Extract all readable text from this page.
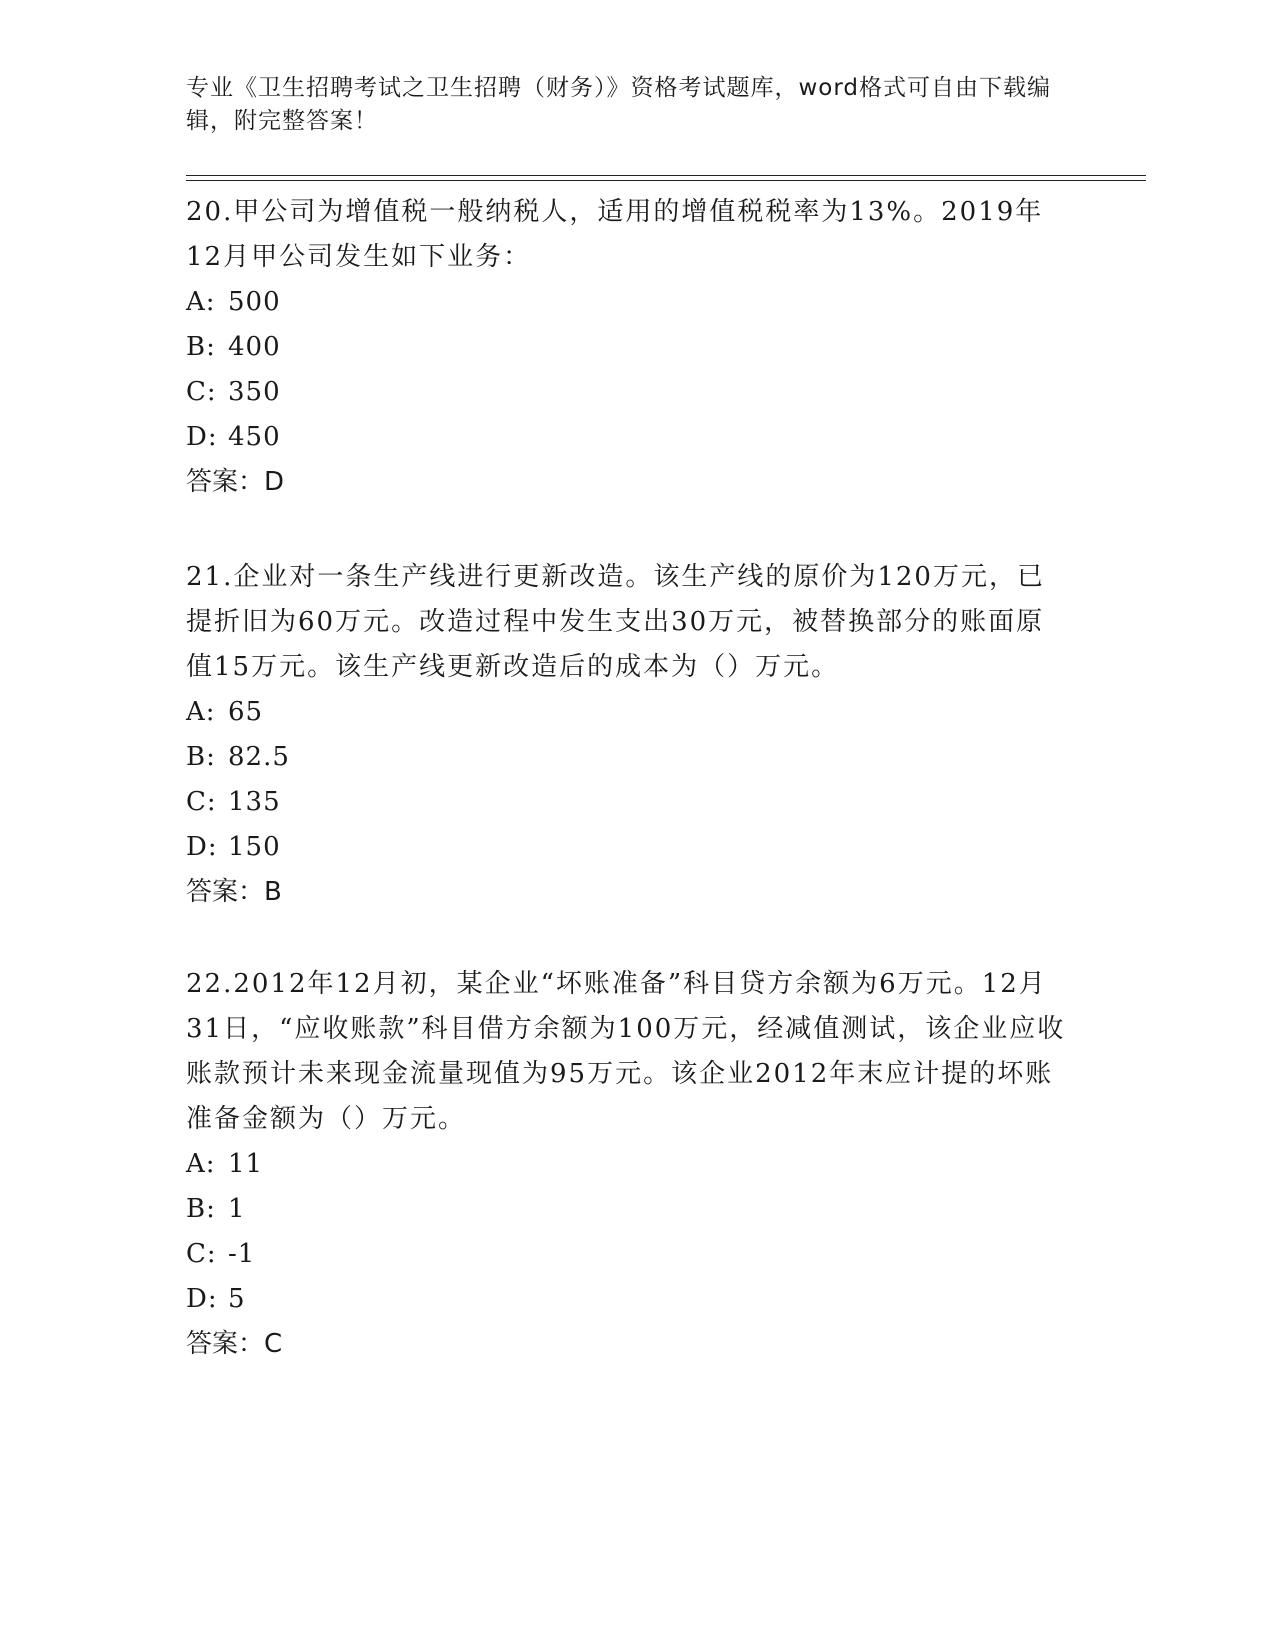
专业《卫生招聘考试之卫生招聘（财务）》资格考试题库，word格式可自由下载编辑，附完整答案！

20.甲公司为增值税一般纳税人，适用的增值税税率为13%。2019年12月甲公司发生如下业务：

A: 500

B: 400

C: 350

D: 450

答案：D

21.企业对一条生产线进行更新改造。该生产线的原价为120万元，已提折旧为60万元。改造过程中发生支出30万元，被替换部分的账面原值15万元。该生产线更新改造后的成本为（）万元。

A: 65

B: 82.5

C: 135

D: 150

答案：B

22.2012年12月初，某企业“坏账准备”科目贷方余额为6万元。12月31日，“应收账款”科目借方余额为100万元，经减值测试，该企业应收账款预计未来现金流量现值为95万元。该企业2012年末应计提的坏账准备金额为（）万元。

A: 11

B: 1

C: -1

D: 5

答案：C
